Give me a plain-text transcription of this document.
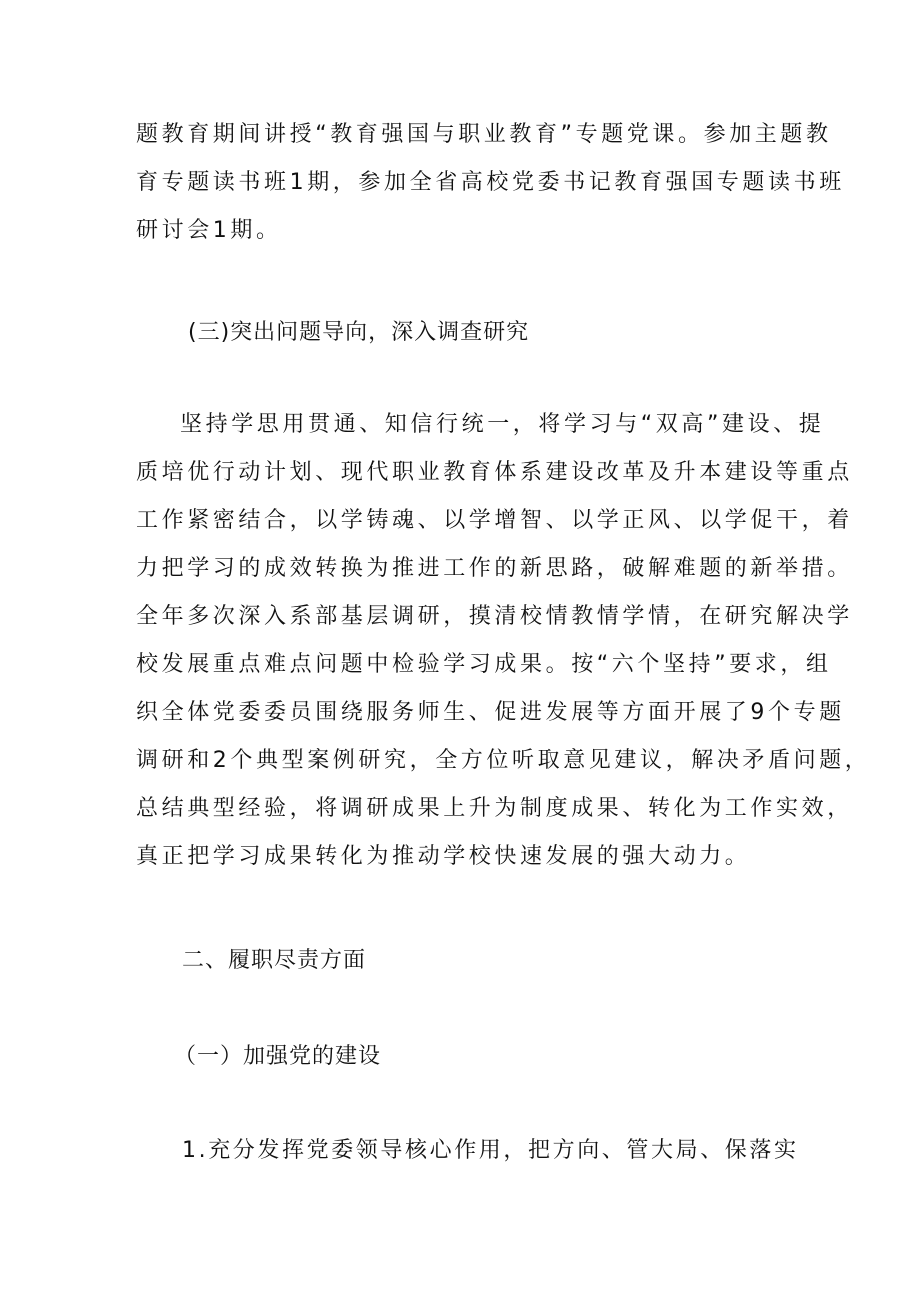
题教育期间讲授“教育强国与职业教育”专题党课。参加主题教
育专题读书班1期，参加全省高校党委书记教育强国专题读书班
研讨会1期。
(三)突出问题导向，深入调查研究
坚持学思用贯通、知信行统一，将学习与“双高”建设、提
质培优行动计划、现代职业教育体系建设改革及升本建设等重点
工作紧密结合，以学铸魂、以学增智、以学正风、以学促干，着
力把学习的成效转换为推进工作的新思路，破解难题的新举措。
全年多次深入系部基层调研，摸清校情教情学情，在研究解决学
校发展重点难点问题中检验学习成果。按“六个坚持”要求，组
织全体党委委员围绕服务师生、促进发展等方面开展了9个专题
调研和2个典型案例研究，全方位听取意见建议，解决矛盾问题，
总结典型经验，将调研成果上升为制度成果、转化为工作实效，
真正把学习成果转化为推动学校快速发展的强大动力。
二、履职尽责方面
（一）加强党的建设
1.充分发挥党委领导核心作用，把方向、管大局、保落实
